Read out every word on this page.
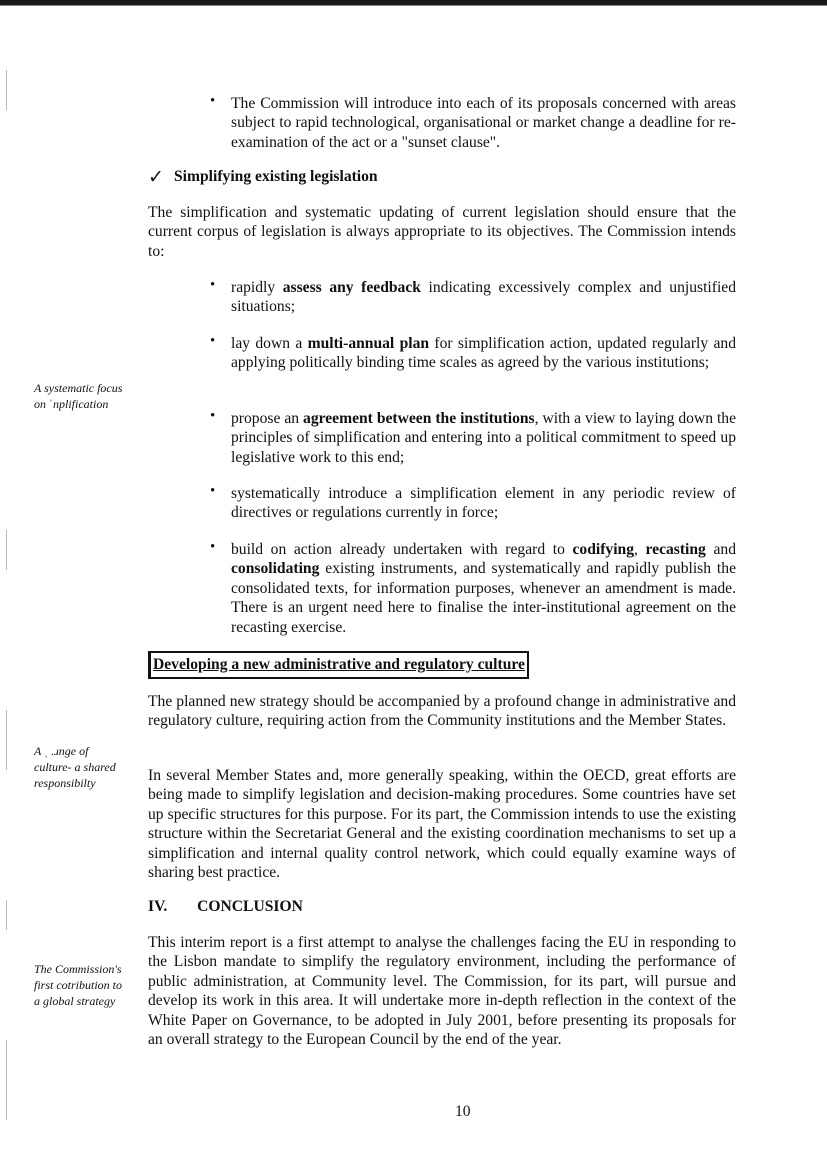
• The Commission will introduce into each of its proposals concerned with areas subject to rapid technological, organisational or market change a deadline for re-examination of the act or a "sunset clause".
✓ Simplifying existing legislation
The simplification and systematic updating of current legislation should ensure that the current corpus of legislation is always appropriate to its objectives. The Commission intends to:
• rapidly assess any feedback indicating excessively complex and unjustified situations;
• lay down a multi-annual plan for simplification action, updated regularly and applying politically binding time scales as agreed by the various institutions;
• propose an agreement between the institutions, with a view to laying down the principles of simplification and entering into a political commitment to speed up legislative work to this end;
• systematically introduce a simplification element in any periodic review of directives or regulations currently in force;
• build on action already undertaken with regard to codifying, recasting and consolidating existing instruments, and systematically and rapidly publish the consolidated texts, for information purposes, whenever an amendment is made. There is an urgent need here to finalise the inter-institutional agreement on the recasting exercise.
A systematic focus on ˈnplification
Developing a new administrative and regulatory culture
The planned new strategy should be accompanied by a profound change in administrative and regulatory culture, requiring action from the Community institutions and the Member States.
In several Member States and, more generally speaking, within the OECD, great efforts are being made to simplify legislation and decision-making procedures. Some countries have set up specific structures for this purpose. For its part, the Commission intends to use the existing structure within the Secretariat General and the existing coordination mechanisms to set up a simplification and internal quality control network, which could equally examine ways of sharing best practice.
A ˌ .ɹnge of culture- a shared responsibilty
IV. CONCLUSION
This interim report is a first attempt to analyse the challenges facing the EU in responding to the Lisbon mandate to simplify the regulatory environment, including the performance of public administration, at Community level. The Commission, for its part, will pursue and develop its work in this area. It will undertake more in-depth reflection in the context of the White Paper on Governance, to be adopted in July 2001, before presenting its proposals for an overall strategy to the European Council by the end of the year.
The Commission's first cotribution to a global strategy
10
